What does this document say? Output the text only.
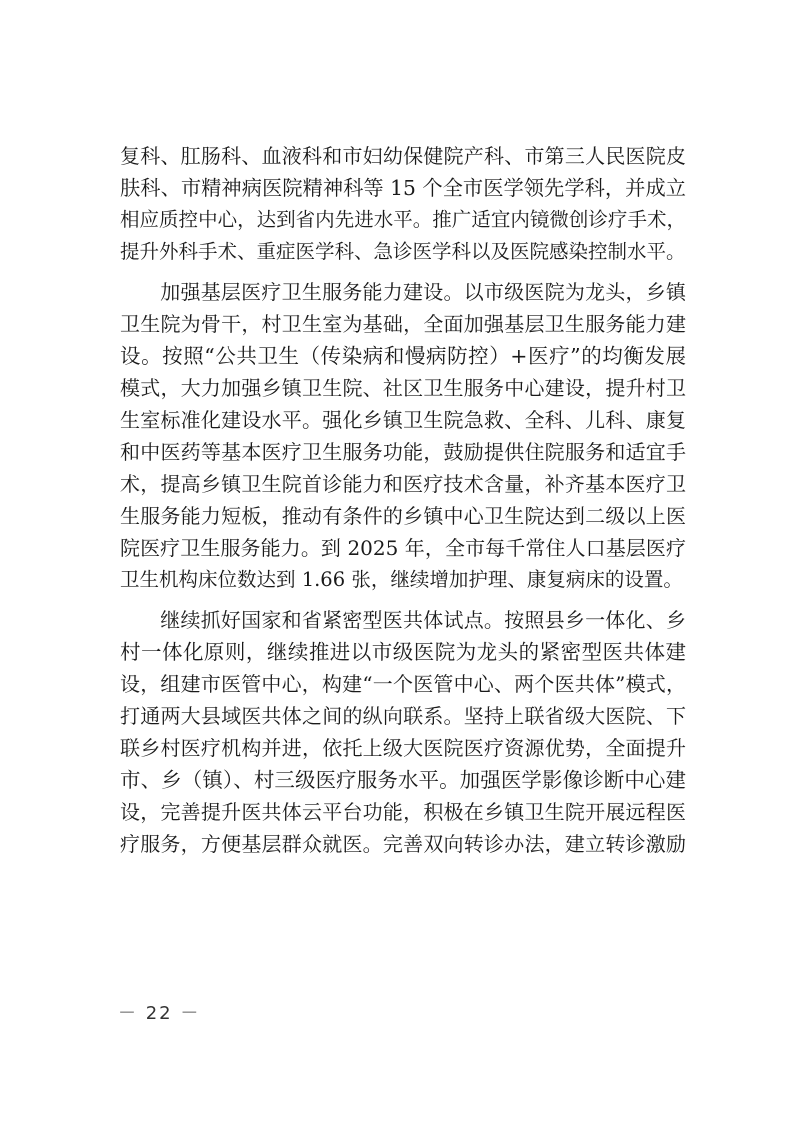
复科、肛肠科、血液科和市妇幼保健院产科、市第三人民医院皮
肤科、市精神病医院精神科等 15 个全市医学领先学科，并成立
相应质控中心，达到省内先进水平。推广适宜内镜微创诊疗手术，
提升外科手术、重症医学科、急诊医学科以及医院感染控制水平。
加强基层医疗卫生服务能力建设。以市级医院为龙头，乡镇
卫生院为骨干，村卫生室为基础，全面加强基层卫生服务能力建
设。按照“公共卫生（传染病和慢病防控）+医疗”的均衡发展
模式，大力加强乡镇卫生院、社区卫生服务中心建设，提升村卫
生室标准化建设水平。强化乡镇卫生院急救、全科、儿科、康复
和中医药等基本医疗卫生服务功能，鼓励提供住院服务和适宜手
术，提高乡镇卫生院首诊能力和医疗技术含量，补齐基本医疗卫
生服务能力短板，推动有条件的乡镇中心卫生院达到二级以上医
院医疗卫生服务能力。到 2025 年，全市每千常住人口基层医疗
卫生机构床位数达到 1.66 张，继续增加护理、康复病床的设置。
继续抓好国家和省紧密型医共体试点。按照县乡一体化、乡
村一体化原则，继续推进以市级医院为龙头的紧密型医共体建
设，组建市医管中心，构建“一个医管中心、两个医共体”模式，
打通两大县域医共体之间的纵向联系。坚持上联省级大医院、下
联乡村医疗机构并进，依托上级大医院医疗资源优势，全面提升
市、乡（镇）、村三级医疗服务水平。加强医学影像诊断中心建
设，完善提升医共体云平台功能，积极在乡镇卫生院开展远程医
疗服务，方便基层群众就医。完善双向转诊办法，建立转诊激励
－ 22 －
